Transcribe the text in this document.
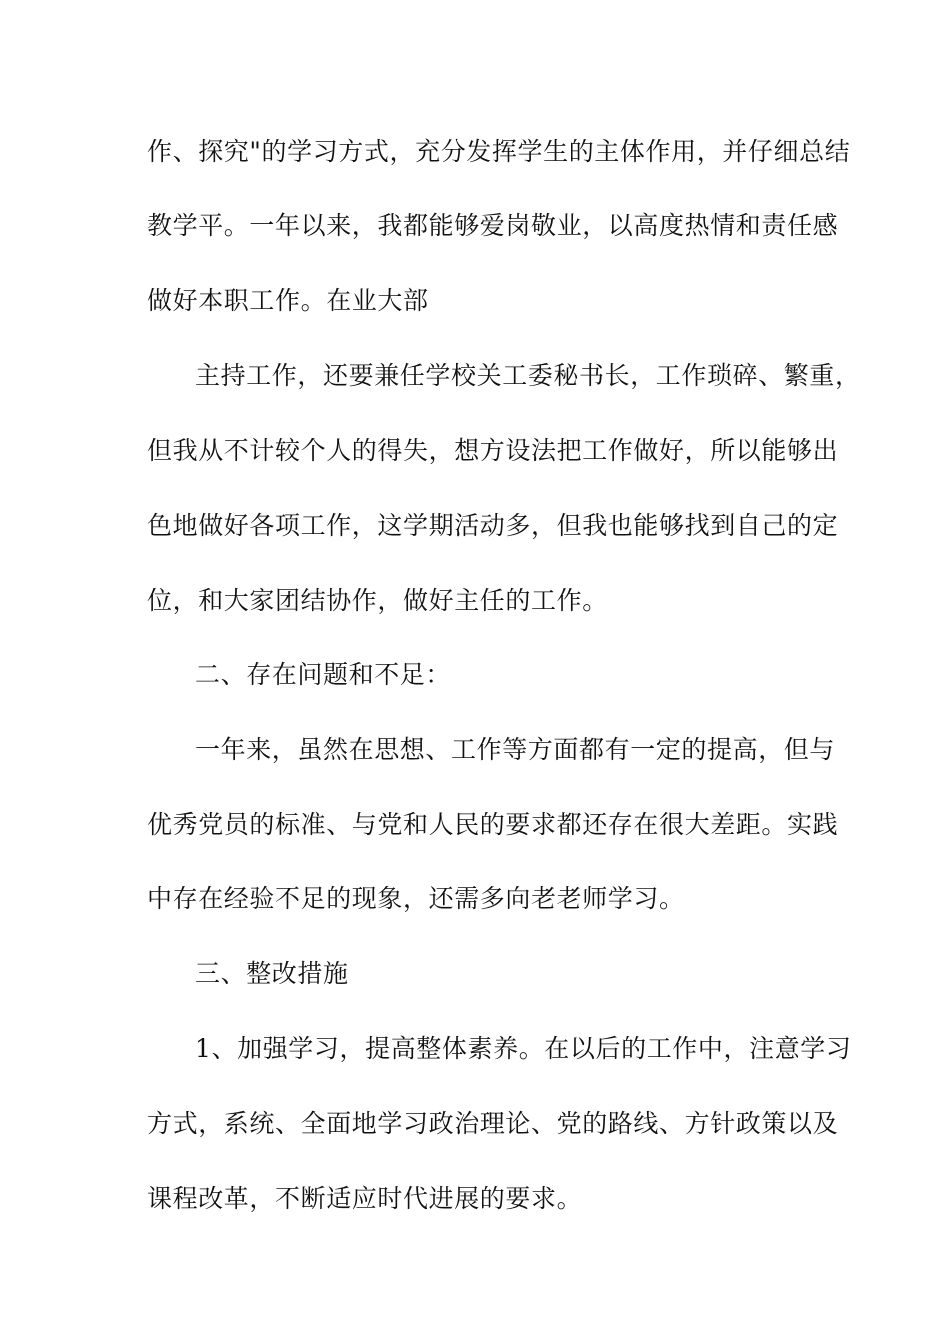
作、探究"的学习方式，充分发挥学生的主体作用，并仔细总结
教学平。一年以来，我都能够爱岗敬业，以高度热情和责任感
做好本职工作。在业大部
主持工作，还要兼任学校关工委秘书长，工作琐碎、繁重，
但我从不计较个人的得失，想方设法把工作做好，所以能够出
色地做好各项工作，这学期活动多，但我也能够找到自己的定
位，和大家团结协作，做好主任的工作。
二、存在问题和不足：
一年来，虽然在思想、工作等方面都有一定的提高，但与
优秀党员的标准、与党和人民的要求都还存在很大差距。实践
中存在经验不足的现象，还需多向老老师学习。
三、整改措施
1、加强学习，提高整体素养。在以后的工作中，注意学习
方式，系统、全面地学习政治理论、党的路线、方针政策以及
课程改革，不断适应时代进展的要求。
